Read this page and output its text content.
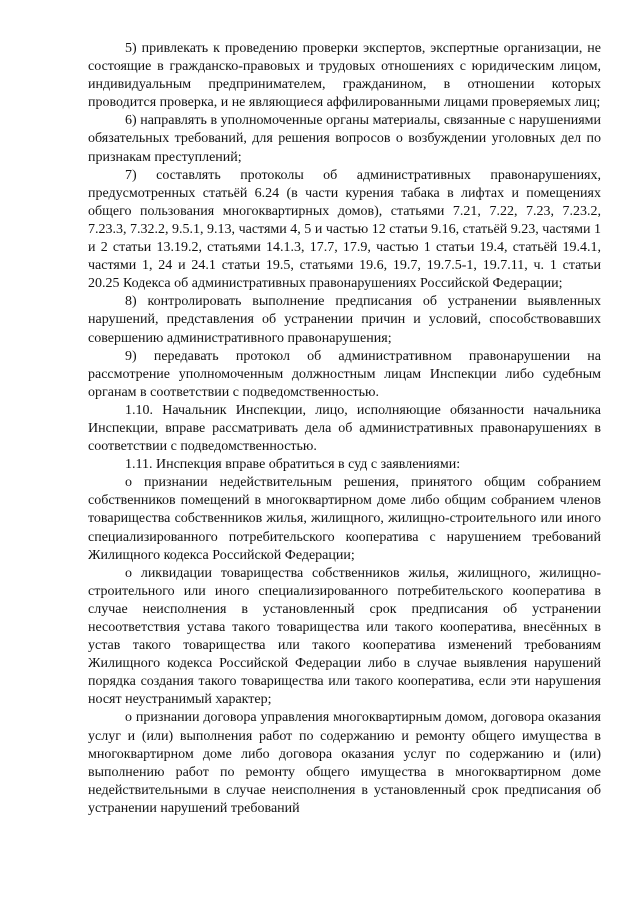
5) привлекать к проведению проверки экспертов, экспертные организации, не состоящие в гражданско-правовых и трудовых отношениях с юридическим лицом, индивидуальным предпринимателем, гражданином, в отношении которых проводится проверка, и не являющиеся аффилированными лицами проверяемых лиц;

6) направлять в уполномоченные органы материалы, связанные с нарушениями обязательных требований, для решения вопросов о возбуждении уголовных дел по признакам преступлений;

7) составлять протоколы об административных правонарушениях, предусмотренных статьёй 6.24 (в части курения табака в лифтах и помещениях общего пользования многоквартирных домов), статьями 7.21, 7.22, 7.23, 7.23.2, 7.23.3, 7.32.2, 9.5.1, 9.13, частями 4, 5 и частью 12 статьи 9.16, статьёй 9.23, частями 1 и 2 статьи 13.19.2, статьями 14.1.3, 17.7, 17.9, частью 1 статьи 19.4, статьёй 19.4.1, частями 1, 24 и 24.1 статьи 19.5, статьями 19.6, 19.7, 19.7.5-1, 19.7.11, ч. 1 статьи 20.25 Кодекса об административных правонарушениях Российской Федерации;

8) контролировать выполнение предписания об устранении выявленных нарушений, представления об устранении причин и условий, способствовавших совершению административного правонарушения;

9) передавать протокол об административном правонарушении на рассмотрение уполномоченным должностным лицам Инспекции либо судебным органам в соответствии с подведомственностью.

1.10. Начальник Инспекции, лицо, исполняющие обязанности начальника Инспекции, вправе рассматривать дела об административных правонарушениях в соответствии с подведомственностью.

1.11. Инспекция вправе обратиться в суд с заявлениями:

о признании недействительным решения, принятого общим собранием собственников помещений в многоквартирном доме либо общим собранием членов товарищества собственников жилья, жилищного, жилищно-строительного или иного специализированного потребительского кооператива с нарушением требований Жилищного кодекса Российской Федерации;

о ликвидации товарищества собственников жилья, жилищного, жилищно-строительного или иного специализированного потребительского кооператива в случае неисполнения в установленный срок предписания об устранении несоответствия устава такого товарищества или такого кооператива, внесённых в устав такого товарищества или такого кооператива изменений требованиям Жилищного кодекса Российской Федерации либо в случае выявления нарушений порядка создания такого товарищества или такого кооператива, если эти нарушения носят неустранимый характер;

о признании договора управления многоквартирным домом, договора оказания услуг и (или) выполнения работ по содержанию и ремонту общего имущества в многоквартирном доме либо договора оказания услуг по содержанию и (или) выполнению работ по ремонту общего имущества в многоквартирном доме недействительными в случае неисполнения в установленный срок предписания об устранении нарушений требований
